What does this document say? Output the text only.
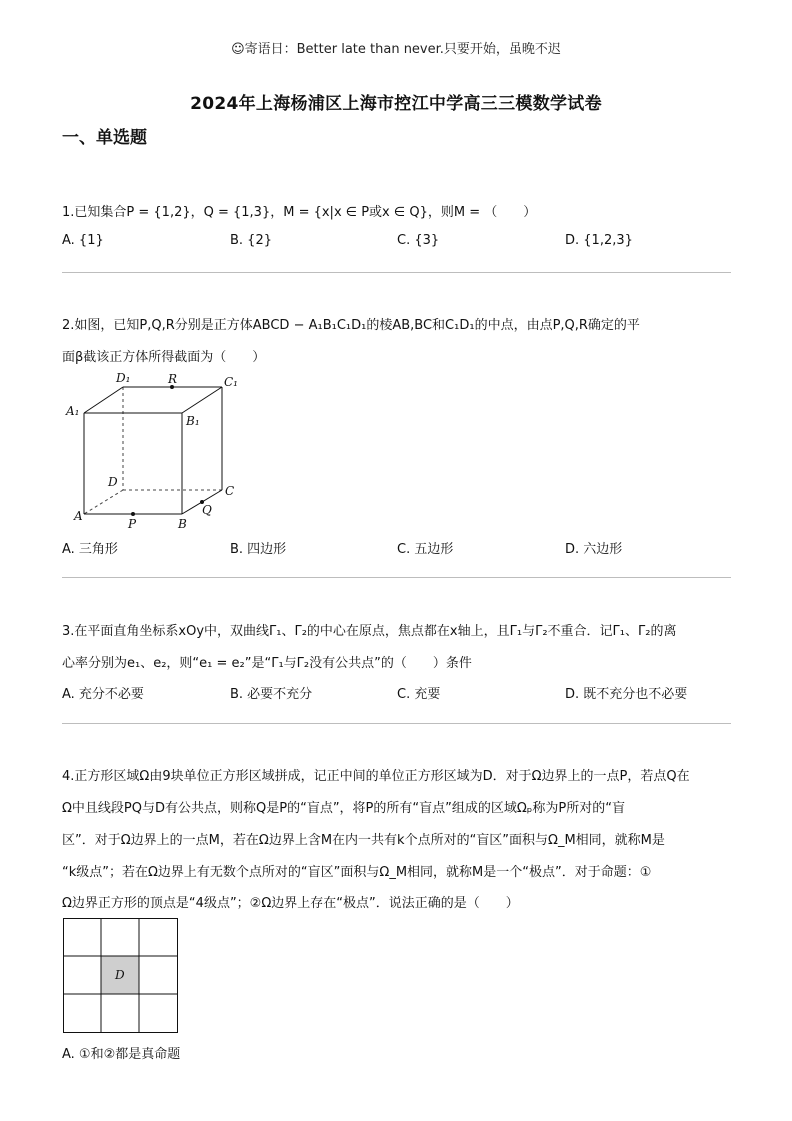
☺寄语日：Better late than never.只要开始，虽晚不迟
2024年上海杨浦区上海市控江中学高三三模数学试卷
一、单选题
1.已知集合P = {1,2}，Q = {1,3}，M = {x|x ∈ P或x ∈ Q}，则M = （　　）
A. {1}	B. {2}	C. {3}	D. {1,2,3}
2.如图，已知P,Q,R分别是正方体ABCD − A₁B₁C₁D₁的棱AB,BC和C₁D₁的中点，由点P,Q,R确定的平
面β截该正方体所得截面为（　　）
D₁	R	C₁
A₁
B₁
D
C
Q
A
P	B
A. 三角形	B. 四边形	C. 五边形	D. 六边形
3.在平面直角坐标系xOy中，双曲线Γ₁、Γ₂的中心在原点，焦点都在x轴上，且Γ₁与Γ₂不重合．记Γ₁、Γ₂的离
心率分别为e₁、e₂，则“e₁ = e₂”是“Γ₁与Γ₂没有公共点”的（　　）条件
A. 充分不必要	B. 必要不充分	C. 充要	D. 既不充分也不必要
4.正方形区域Ω由9块单位正方形区域拼成，记正中间的单位正方形区域为D．对于Ω边界上的一点P，若点Q在
Ω中且线段PQ与D有公共点，则称Q是P的“盲点”，将P的所有“盲点”组成的区域Ωₚ称为P所对的“盲
区”．对于Ω边界上的一点M，若在Ω边界上含M在内一共有k个点所对的“盲区”面积与Ω_M相同，就称M是
“k级点”；若在Ω边界上有无数个点所对的“盲区”面积与Ω_M相同，就称M是一个“极点”．对于命题：①
Ω边界正方形的顶点是“4级点”；②Ω边界上存在“极点”．说法正确的是（　　）
D
A. ①和②都是真命题
